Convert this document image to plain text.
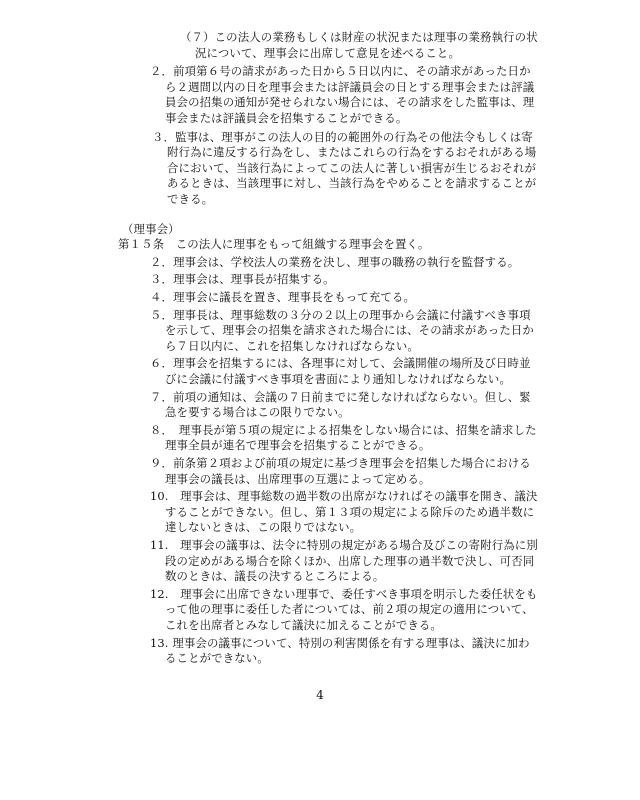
（７）この法人の業務もしくは財産の状況または理事の業務執行の状
況について、理事会に出席して意見を述べること。
２．前項第６号の請求があった日から５日以内に、その請求があった日か
ら２週間以内の日を理事会または評議員会の日とする理事会または評議
員会の招集の通知が発せられない場合には、その請求をした監事は、理
事会または評議員会を招集することができる。
３．監事は、理事がこの法人の目的の範囲外の行為その他法令もしくは寄
附行為に違反する行為をし、またはこれらの行為をするおそれがある場
合において、当該行為によってこの法人に著しい損害が生じるおそれが
あるときは、当該理事に対し、当該行為をやめることを請求することが
できる。
（理事会）
第１５条　この法人に理事をもって組織する理事会を置く。
２．理事会は、学校法人の業務を決し、理事の職務の執行を監督する。
３．理事会は、理事長が招集する。
４．理事会に議長を置き、理事長をもって充てる。
５．理事長は、理事総数の３分の２以上の理事から会議に付議すべき事項
を示して、理事会の招集を請求された場合には、その請求があった日か
ら７日以内に、これを招集しなければならない。
６．理事会を招集するには、各理事に対して、会議開催の場所及び日時並
びに会議に付議すべき事項を書面により通知しなければならない。
７．前項の通知は、会議の７日前までに発しなければならない。但し、緊
急を要する場合はこの限りでない。
８．　理事長が第５項の規定による招集をしない場合には、招集を請求した
理事全員が連名で理事会を招集することができる。
９．前条第２項および前項の規定に基づき理事会を招集した場合における
理事会の議長は、出席理事の互選によって定める。
10.　理事会は、理事総数の過半数の出席がなければその議事を開き、議決
することができない。但し、第１３項の規定による除斥のため過半数に
達しないときは、この限りではない。
11.　理事会の議事は、法令に特別の規定がある場合及びこの寄附行為に別
段の定めがある場合を除くほか、出席した理事の過半数で決し、可否同
数のときは、議長の決するところによる。
12.　理事会に出席できない理事で、委任すべき事項を明示した委任状をも
って他の理事に委任した者については、前２項の規定の適用について、
これを出席者とみなして議決に加えることができる。
13. 理事会の議事について、特別の利害関係を有する理事は、議決に加わ
ることができない。
4
